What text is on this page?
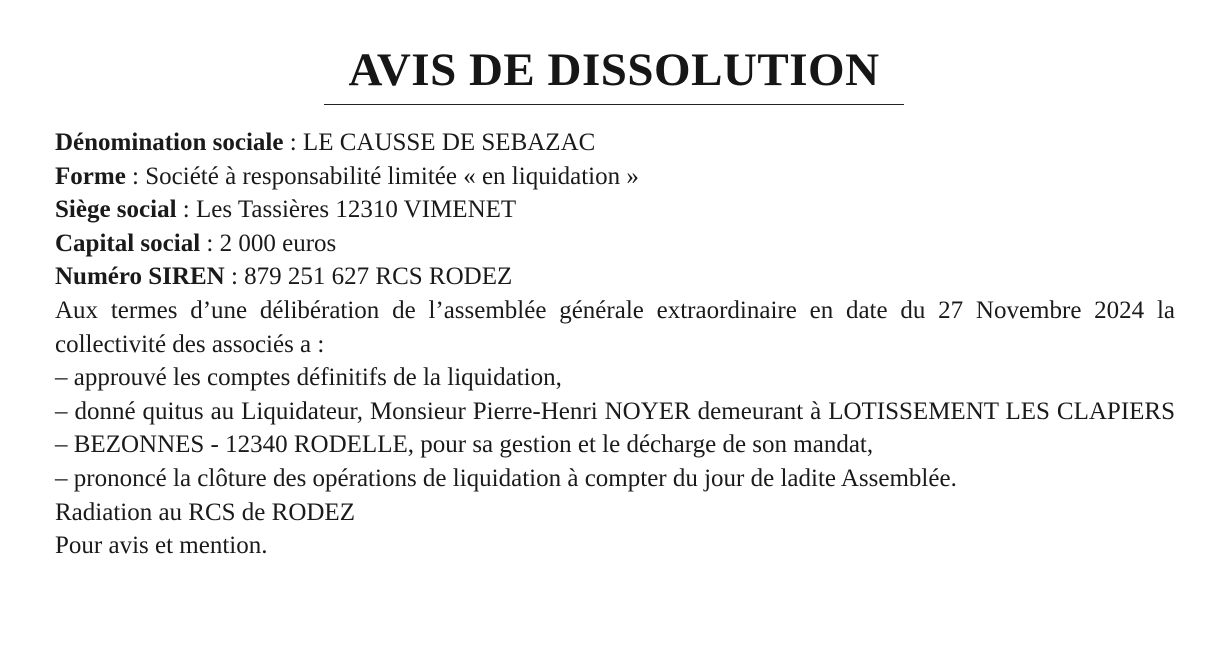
AVIS DE DISSOLUTION

Dénomination sociale : LE CAUSSE DE SEBAZAC

Forme : Société à responsabilité limitée « en liquidation »

Siège social : Les Tassières 12310 VIMENET

Capital social : 2 000 euros

Numéro SIREN : 879 251 627 RCS RODEZ

Aux termes d’une délibération de l’assemblée générale extraordinaire en date du 27 Novembre 2024 la collectivité des associés a :

– approuvé les comptes définitifs de la liquidation,

– donné quitus au Liquidateur, Monsieur Pierre-Henri NOYER demeurant à LOTISSEMENT LES CLAPIERS – BEZONNES - 12340 RODELLE, pour sa gestion et le décharge de son mandat,

– prononcé la clôture des opérations de liquidation à compter du jour de ladite Assemblée.

Radiation au RCS de RODEZ

Pour avis et mention.
